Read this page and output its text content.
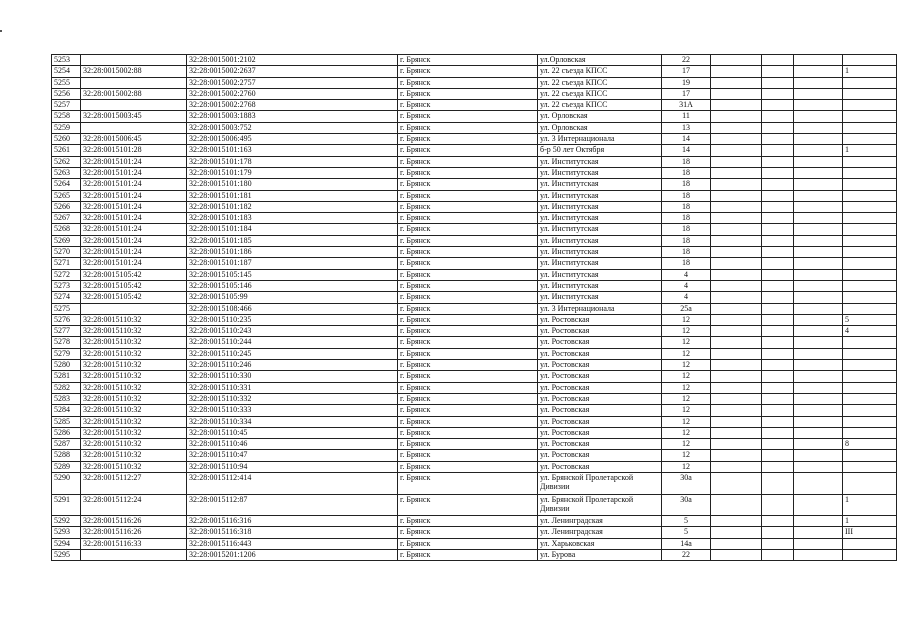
5253		32:28:0015001:2102	г. Брянск	ул.Орловская	22				
5254	32:28:0015002:88	32:28:0015002:2637	г. Брянск	ул. 22 съезда КПСС	17				1
5255		32:28:0015002:2757	г. Брянск	ул. 22 съезда КПСС	19				
5256	32:28:0015002:88	32:28:0015002:2760	г. Брянск	ул. 22 съезда КПСС	17				
5257		32:28:0015002:2768	г. Брянск	ул. 22 съезда КПСС	31А				
5258	32:28:0015003:45	32:28:0015003:1883	г. Брянск	ул. Орловская	11				
5259		32:28:0015003:752	г. Брянск	ул. Орловская	13				
5260	32:28:0015006:45	32:28:0015006:495	г. Брянск	ул. 3 Интернационала	14				
5261	32:28:0015101:28	32:28:0015101:163	г. Брянск	б-р 50 лет Октября	14				1
5262	32:28:0015101:24	32:28:0015101:178	г. Брянск	ул. Институтская	18				
5263	32:28:0015101:24	32:28:0015101:179	г. Брянск	ул. Институтская	18				
5264	32:28:0015101:24	32:28:0015101:180	г. Брянск	ул. Институтская	18				
5265	32:28:0015101:24	32:28:0015101:181	г. Брянск	ул. Институтская	18				
5266	32:28:0015101:24	32:28:0015101:182	г. Брянск	ул. Институтская	18				
5267	32:28:0015101:24	32:28:0015101:183	г. Брянск	ул. Институтская	18				
5268	32:28:0015101:24	32:28:0015101:184	г. Брянск	ул. Институтская	18				
5269	32:28:0015101:24	32:28:0015101:185	г. Брянск	ул. Институтская	18				
5270	32:28:0015101:24	32:28:0015101:186	г. Брянск	ул. Институтская	18				
5271	32:28:0015101:24	32:28:0015101:187	г. Брянск	ул. Институтская	18				
5272	32:28:0015105:42	32:28:0015105:145	г. Брянск	ул. Институтская	4				
5273	32:28:0015105:42	32:28:0015105:146	г. Брянск	ул. Институтская	4				
5274	32:28:0015105:42	32:28:0015105:99	г. Брянск	ул. Институтская	4				
5275		32:28:0015108:466	г. Брянск	ул. 3 Интернационала	25а				
5276	32:28:0015110:32	32:28:0015110:235	г. Брянск	ул. Ростовская	12				5
5277	32:28:0015110:32	32:28:0015110:243	г. Брянск	ул. Ростовская	12				4
5278	32:28:0015110:32	32:28:0015110:244	г. Брянск	ул. Ростовская	12				
5279	32:28:0015110:32	32:28:0015110:245	г. Брянск	ул. Ростовская	12				
5280	32:28:0015110:32	32:28:0015110:246	г. Брянск	ул. Ростовская	12				
5281	32:28:0015110:32	32:28:0015110:330	г. Брянск	ул. Ростовская	12				
5282	32:28:0015110:32	32:28:0015110:331	г. Брянск	ул. Ростовская	12				
5283	32:28:0015110:32	32:28:0015110:332	г. Брянск	ул. Ростовская	12				
5284	32:28:0015110:32	32:28:0015110:333	г. Брянск	ул. Ростовская	12				
5285	32:28:0015110:32	32:28:0015110:334	г. Брянск	ул. Ростовская	12				
5286	32:28:0015110:32	32:28:0015110:45	г. Брянск	ул. Ростовская	12				
5287	32:28:0015110:32	32:28:0015110:46	г. Брянск	ул. Ростовская	12				8
5288	32:28:0015110:32	32:28:0015110:47	г. Брянск	ул. Ростовская	12				
5289	32:28:0015110:32	32:28:0015110:94	г. Брянск	ул. Ростовская	12				
5290	32:28:0015112:27	32:28:0015112:414	г. Брянск	ул. Брянской Пролетарской Дивизии	30а				
5291	32:28:0015112:24	32:28:0015112:87	г. Брянск	ул. Брянской Пролетарской Дивизии	30а				1
5292	32:28:0015116:26	32:28:0015116:316	г. Брянск	ул. Ленинградская	5				1
5293	32:28:0015116:26	32:28:0015116:318	г. Брянск	ул. Ленинградская	5				III
5294	32:28:0015116:33	32:28:0015116:443	г. Брянск	ул. Харьковская	14а				
5295		32:28:0015201:1206	г. Брянск	ул. Бурова	22				
